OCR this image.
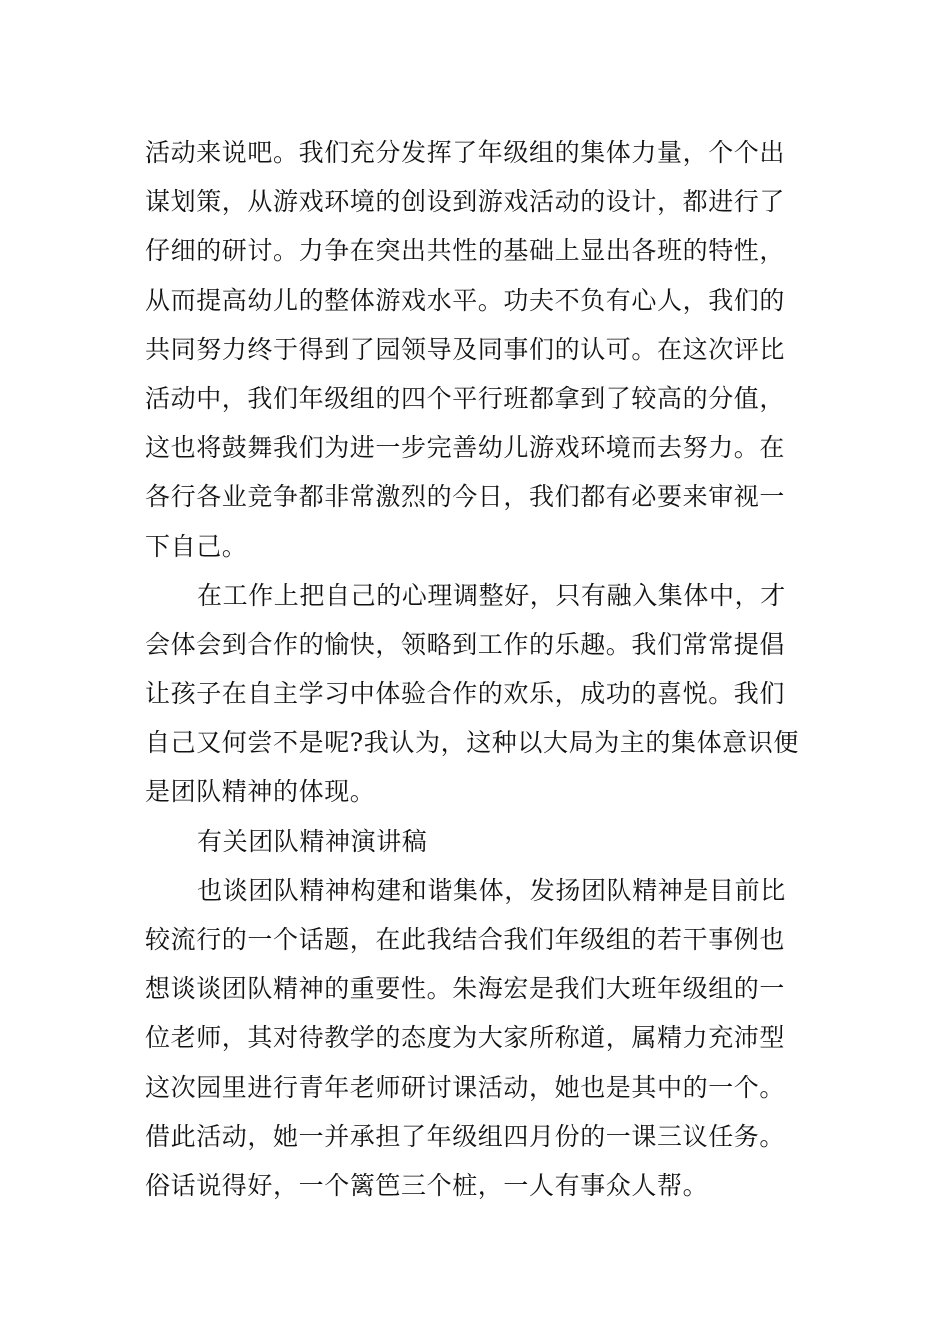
活动来说吧。我们充分发挥了年级组的集体力量，个个出
谋划策，从游戏环境的创设到游戏活动的设计，都进行了
仔细的研讨。力争在突出共性的基础上显出各班的特性，
从而提高幼儿的整体游戏水平。功夫不负有心人，我们的
共同努力终于得到了园领导及同事们的认可。在这次评比
活动中，我们年级组的四个平行班都拿到了较高的分值，
这也将鼓舞我们为进一步完善幼儿游戏环境而去努力。在
各行各业竞争都非常激烈的今日，我们都有必要来审视一
下自己。
在工作上把自己的心理调整好，只有融入集体中，才
会体会到合作的愉快，领略到工作的乐趣。我们常常提倡
让孩子在自主学习中体验合作的欢乐，成功的喜悦。我们
自己又何尝不是呢?我认为，这种以大局为主的集体意识便
是团队精神的体现。
有关团队精神演讲稿
也谈团队精神构建和谐集体，发扬团队精神是目前比
较流行的一个话题，在此我结合我们年级组的若干事例也
想谈谈团队精神的重要性。朱海宏是我们大班年级组的一
位老师，其对待教学的态度为大家所称道，属精力充沛型
这次园里进行青年老师研讨课活动，她也是其中的一个。
借此活动，她一并承担了年级组四月份的一课三议任务。
俗话说得好，一个篱笆三个桩，一人有事众人帮。
